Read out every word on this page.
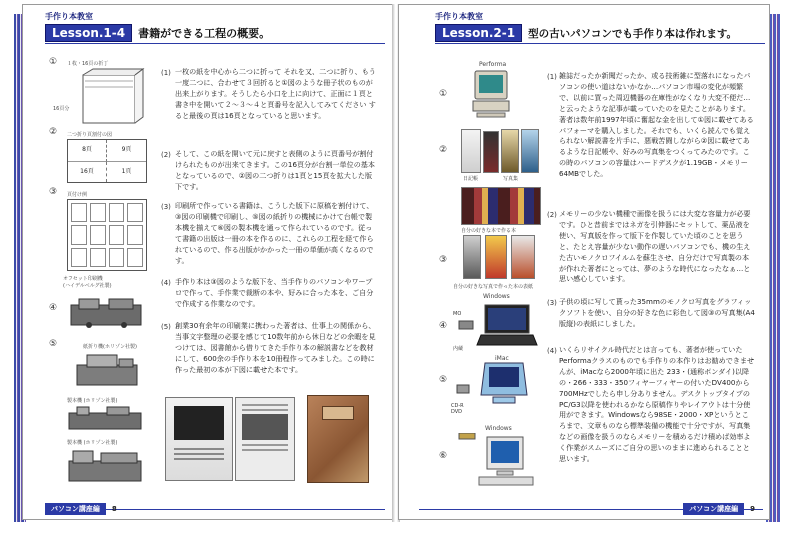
手作り本教室
Lesson.1-4	書籍ができる工程の概要。
① １枚・16頁の折丁
16頁分
② 二つ折り頁割付の図
8頁	9頁
16頁	1頁
③ 頁付け例
オフセット印刷機
(ハイデルベルグ社製)
④
⑤	紙折り機(ホリゾン社製)
製本機 (ホリゾン社製)
製本機 (ホリゾン社製)
(1) 一枚の紙を中心から二つに折って それを又、二つに折り、もう一度二つに、合わせて３回折ると①図のような冊子状のものが出来上がります。そうしたら小口を上に向けて、正面に１頁と書き中を開いて２～３～４と頁番号を記入してみてください すると最後の頁は16頁となっていると思います。
(2) そして、この紙を開いて元に戻すと表側のように頁番号が割付けられたものが出来てきます。この16頁分が台割一単位の基本となっているので、②図の二つ折りは1頁と15頁を拡大した版下です。
(3) 印刷所で作っている書籍は、こうした版下に原稿を割付けて、③図の印刷機で印刷し、⑤図の紙折りの機械にかけて台帳で製本機を揃えて⑥図の製本機を通って作られているのです。従って書籍の出版は一冊の本を作るのに、これらの工程を経て作られているので、作る出版がかかった一冊の単価が高くなるのです。
(4) 手作り本は③図のような版下を、当手作りのパソコンやワープロで作って、手作業で裁断の本や、好みに合った本を、ご自分で作成する作業なのです。
(5) 創業30有余年の印刷業に携わった著者は、仕事上の関係から、当事文字整理の必要を感じて10数年前から休日などの余暇を見つけては、図書館から借りてきた手作り本の解説書などを教材にして、600余の手作り本を10冊程作ってみました。この時に作った最初の本が下図に載せた本です。
パソコン講座編	8
手作り本教室
Lesson.2-1	型の古いパソコンでも手作り本は作れます。
Performa
①
②
日記帳	写真集
自分の好きな本で作る本
③
自分の好きな写真で作った本の表紙
Windows
MO
④
iMac
内蔵
⑤
CD-R
DVD
Windows
⑥
(1) 雑誌だったか新聞だったか、或る技術雑に型落れになったパソコンの使い道はないかなか…パソコン市場の変化が頻繁で、以前に買った周辺機器の在庫性がなくなり大変不便だ…と云ったような記事が載っていたのを見たことがあります。著者は数年前1997年頃に奮起な金を出して①図に載せてあるパフォーマを購入しました。それでも、いくら読んでも覚えられない解説書を片手に、悪戦苦闘しながら②図に載せてあるような日記帳や、好みの写真集をつくってみたのです。この時のパソコンの容量はハードデスクが1.19GB・メモリー64MBでした。
(2) メモリーの少ない機種で画像を扱うには大変な容量力が必要です。ひと昔前まではネガを引伸器にセットして、薬品液を使い、写真版を作って版下を作製していた頃のことを思うと、たとえ容量が少ない動作の遅いパソコンでも、機の生えた古いモノクロフイルムを蘇生させ、自分だけで写真製の本が作れた著者にとっては、夢のような時代になったなぁ…と思い感心しています。
(3) 子供の頃に写して貰った35mmのモノクロ写真をグラフィックソフトを使い、自分の好きな色に彩色して図③の写真集(A4版縦)の表紙にしました。
(4) いくらリサイクル時代だとは言っても、著者が使っていたPerformaクラスのものでも手作りの本作りはお勧めできませんが、iMacなら2000年頃に出た 233・(通称ボンダイ)以降の・266・333・350フィヤーフィヤーの付いたDV400から700MHzでしたら申し分ありません。デスクトップタイプのPC/G3以降を使われるかなら原稿作りやレイアウトは十分使用ができます。Windowsなら98SE・2000・XPというところまで、文章ものなら標準装備の機能で十分ですが、写真集などの画像を扱うのならメモリーを積めるだけ積めば効率よく作業がスムーズにご自分の思いのままに進められることと思います。
パソコン講座編	9
